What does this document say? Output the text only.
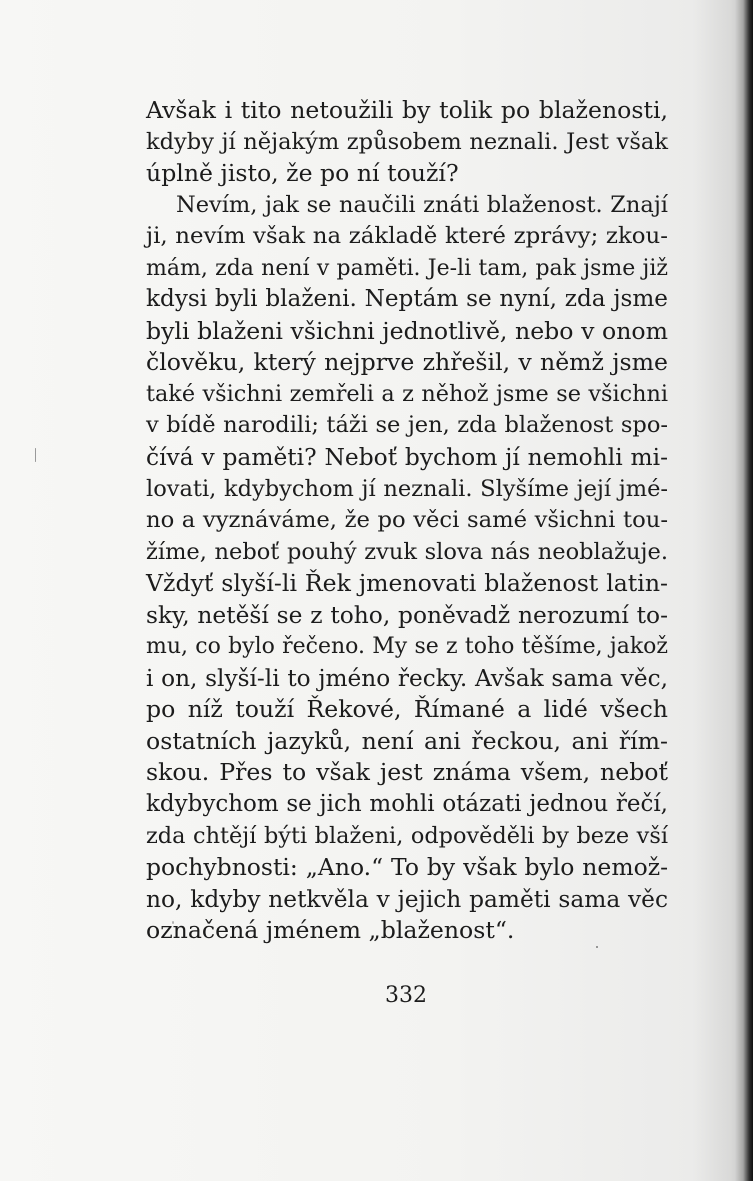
Avšak i tito netoužili by tolik po blaženosti,
kdyby jí nějakým způsobem neznali. Jest však
úplně jisto, že po ní touží?
Nevím, jak se naučili znáti blaženost. Znají
ji, nevím však na základě které zprávy; zkou-
mám, zda není v paměti. Je-li tam, pak jsme již
kdysi byli blaženi. Neptám se nyní, zda jsme
byli blaženi všichni jednotlivě, nebo v onom
člověku, který nejprve zhřešil, v němž jsme
také všichni zemřeli a z něhož jsme se všichni
v bídě narodili; táži se jen, zda blaženost spo-
čívá v paměti? Neboť bychom jí nemohli mi-
lovati, kdybychom jí neznali. Slyšíme její jmé-
no a vyznáváme, že po věci samé všichni tou-
žíme, neboť pouhý zvuk slova nás neoblažuje.
Vždyť slyší-li Řek jmenovati blaženost latin-
sky, netěší se z toho, poněvadž nerozumí to-
mu, co bylo řečeno. My se z toho těšíme, jakož
i on, slyší-li to jméno řecky. Avšak sama věc,
po níž touží Řekové, Římané a lidé všech
ostatních jazyků, není ani řeckou, ani řím-
skou. Přes to však jest známa všem, neboť
kdybychom se jich mohli otázati jednou řečí,
zda chtějí býti blaženi, odpověděli by beze vší
pochybnosti: „Ano.“ To by však bylo nemož-
no, kdyby netkvěla v jejich paměti sama věc
označená jménem „blaženost“.
332
